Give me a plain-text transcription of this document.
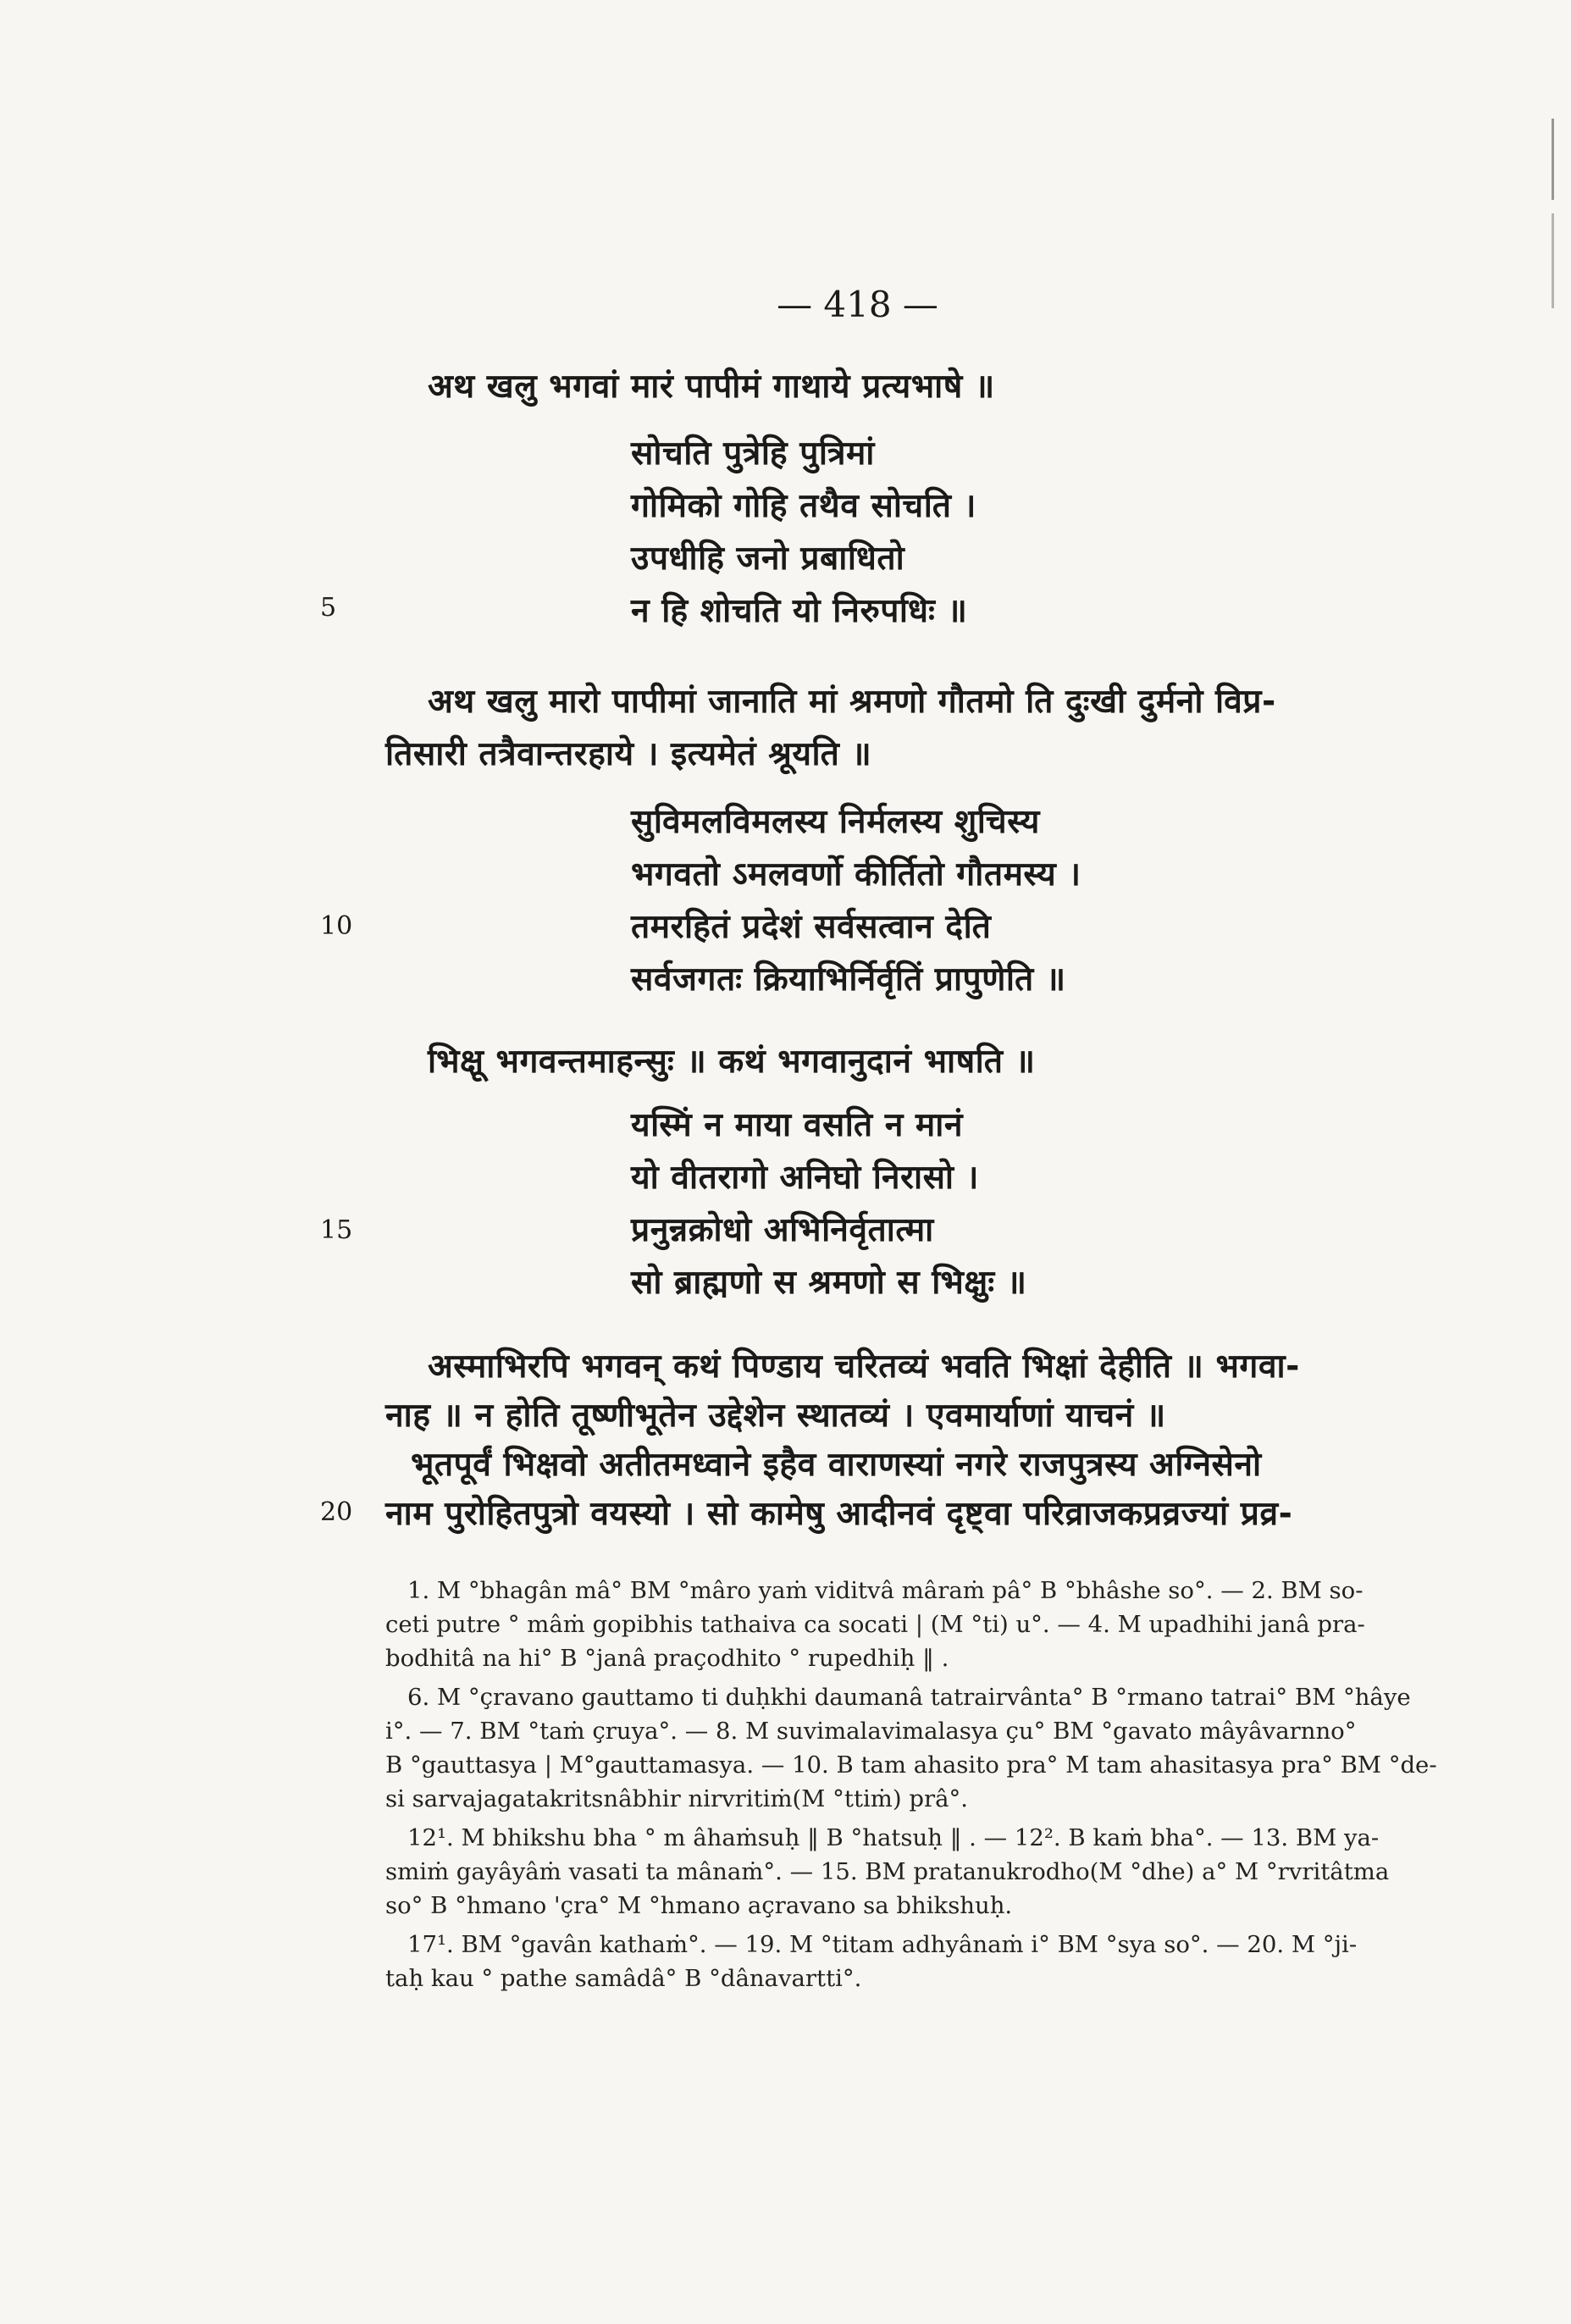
— 418 —
अथ खलु भगवां मारं पापीमं गाथाये प्रत्यभाषे ॥
सोचति पुत्रेहि पुत्रिमां
गोमिको गोहि तथैव सोचति ।
उपधीहि जनो प्रबाधितो
न हि शोचति यो निरुपधिः ॥
5
अथ खलु मारो पापीमां जानाति मां श्रमणो गौतमो ति दुःखी दुर्मनो विप्र-
तिसारी तत्रैवान्तरहाये । इत्यमेतं श्रूयति ॥
सुविमलविमलस्य निर्मलस्य शुचिस्य
भगवतो ऽमलवर्णो कीर्तितो गौतमस्य ।
तमरहितं प्रदेशं सर्वसत्वान देति
सर्वजगतः क्रियाभिर्निर्वृतिं प्रापुणेति ॥
10
भिक्षू भगवन्तमाहन्सुः ॥ कथं भगवानुदानं भाषति ॥
यस्मिं न माया वसति न मानं
यो वीतरागो अनिघो निरासो ।
प्रनुन्नक्रोधो अभिनिर्वृतात्मा
सो ब्राह्मणो स श्रमणो स भिक्षुः ॥
15
अस्माभिरपि भगवन् कथं पिण्डाय चरितव्यं भवति भिक्षां देहीति ॥ भगवा-
नाह ॥ न होति तूष्णीभूतेन उद्देशेन स्थातव्यं । एवमार्याणां याचनं ॥
भूतपूर्वं भिक्षवो अतीतमध्वाने इहैव वाराणस्यां नगरे राजपुत्रस्य अग्निसेनो
नाम पुरोहितपुत्रो वयस्यो । सो कामेषु आदीनवं दृष्ट्वा परिव्राजकप्रव्रज्यां प्रव्र-
20

1. M °bhagân mâ° BM °mâro yaṁ viditvâ mâraṁ pâ° B °bhâshe so°. — 2. BM so-

ceti putre ° mâṁ gopibhis tathaiva ca socati | (M °ti) u°. — 4. M upadhihi janâ pra-

bodhitâ na hi° B °janâ praçodhito ° rupedhiḥ ‖ .

6. M °çravano gauttamo ti duḥkhi daumanâ tatrairvânta° B °rmano tatrai° BM °hâye

i°. — 7. BM °taṁ çruya°. — 8. M suvimalavimalasya çu° BM °gavato mâyâvarnno°

B °gauttasya | M°gauttamasya. — 10. B tam ahasito pra° M tam ahasitasya pra° BM °de-

si sarvajagatakritsnâbhir nirvritiṁ(M °ttiṁ) prâ°.

12¹. M bhikshu bha ° m âhaṁsuḥ ‖ B °hatsuḥ ‖ . — 12². B kaṁ bha°. — 13. BM ya-

smiṁ gayâyâṁ vasati ta mânaṁ°. — 15. BM pratanukrodho(M °dhe) a° M °rvritâtma

so° B °hmano 'çra° M °hmano açravano sa bhikshuḥ.

17¹. BM °gavân kathaṁ°. — 19. M °titam adhyânaṁ i° BM °sya so°. — 20. M °ji-

taḥ kau ° pathe samâdâ° B °dânavartti°.
